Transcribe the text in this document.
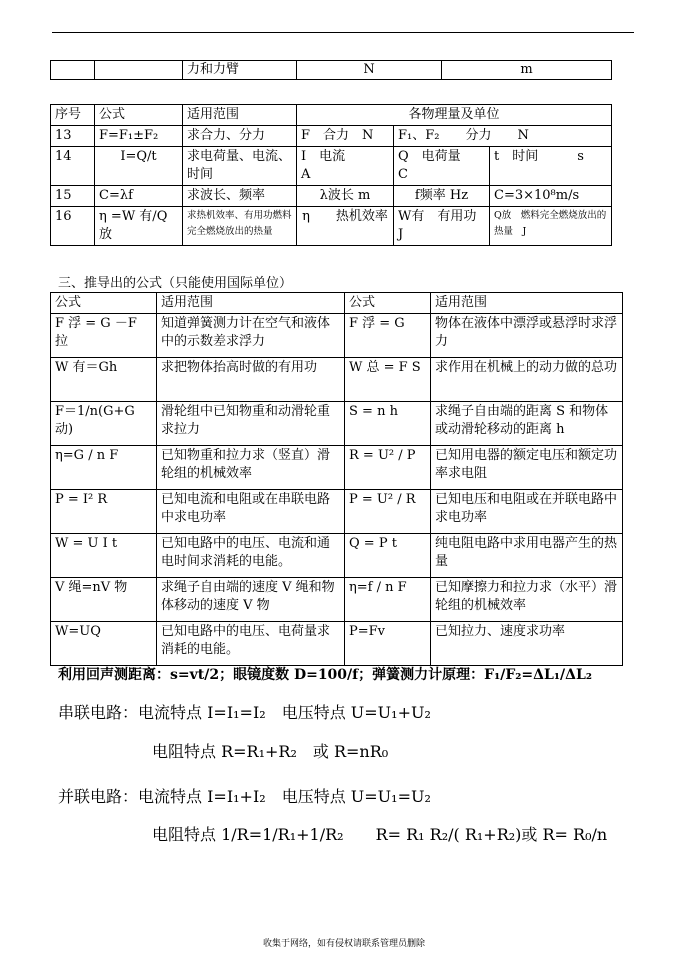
		力和力臂	N	m
序号	公式	适用范围	各物理量及单位		
13	F=F₁±F₂	求合力、分力	F　合力　N	F₁、F₂　　分力　　N	
14	I=Q/t	求电荷量、电流、时间	I　电流　　　　A	Q　电荷量　　　C	t　时间　　　s
15	C=λf	求波长、频率	λ波长 m	f频率 Hz	C=3×10⁸m/s
16	η =W 有/Q 放	求热机效率、有用功燃料完全燃烧放出的热量	η　　热机效率	W有　有用功　　J	Q放　燃料完全燃烧放出的热量　J
三、推导出的公式（只能使用国际单位）
公式	适用范围	公式	适用范围
F 浮 = G －F 拉	知道弹簧测力计在空气和液体中的示数差求浮力	F 浮 = G	物体在液体中漂浮或悬浮时求浮力
W 有＝Gh	求把物体抬高时做的有用功	W 总 = F S	求作用在机械上的动力做的总功
F＝1/n(G+G 动)	滑轮组中已知物重和动滑轮重求拉力	S = n h	求绳子自由端的距离 S 和物体或动滑轮移动的距离 h
η=G / n F	已知物重和拉力求（竖直）滑轮组的机械效率	R = U² / P	已知用电器的额定电压和额定功率求电阻
P = I² R	已知电流和电阻或在串联电路中求电功率	P = U² / R	已知电压和电阻或在并联电路中求电功率
W = U I t	已知电路中的电压、电流和通电时间求消耗的电能。	Q = P t	纯电阻电路中求用电器产生的热量
V 绳=nV 物	求绳子自由端的速度 V 绳和物体移动的速度 V 物	η=f / n F	已知摩擦力和拉力求（水平）滑轮组的机械效率
W=UQ	已知电路中的电压、电荷量求消耗的电能。	P=Fv	已知拉力、速度求功率
利用回声测距离：s=vt/2；眼镜度数 D=100/f；弹簧测力计原理：F₁/F₂=ΔL₁/ΔL₂
串联电路：电流特点 I=I₁=I₂　电压特点 U=U₁+U₂
电阻特点 R=R₁+R₂　或 R=nR₀
并联电路：电流特点 I=I₁+I₂　电压特点 U=U₁=U₂
电阻特点 1/R=1/R₁+1/R₂　　R= R₁ R₂/( R₁+R₂)或 R= R₀/n
收集于网络，如有侵权请联系管理员删除
